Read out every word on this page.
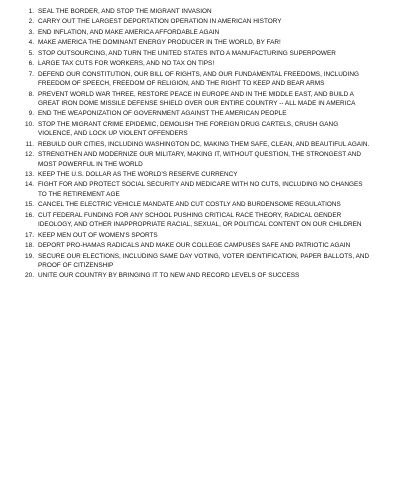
1. SEAL THE BORDER, AND STOP THE MIGRANT INVASION
2. CARRY OUT THE LARGEST DEPORTATION OPERATION IN AMERICAN HISTORY
3. END INFLATION, AND MAKE AMERICA AFFORDABLE AGAIN
4. MAKE AMERICA THE DOMINANT ENERGY PRODUCER IN THE WORLD, BY FAR!
5. STOP OUTSOURCING, AND TURN THE UNITED STATES INTO A MANUFACTURING SUPERPOWER
6. LARGE TAX CUTS FOR WORKERS, AND NO TAX ON TIPS!
7. DEFEND OUR CONSTITUTION, OUR BILL OF RIGHTS, AND OUR FUNDAMENTAL FREEDOMS, INCLUDING FREEDOM OF SPEECH, FREEDOM OF RELIGION, AND THE RIGHT TO KEEP AND BEAR ARMS
8. PREVENT WORLD WAR THREE, RESTORE PEACE IN EUROPE AND IN THE MIDDLE EAST, AND BUILD A GREAT IRON DOME MISSILE DEFENSE SHIELD OVER OUR ENTIRE COUNTRY -- ALL MADE IN AMERICA
9. END THE WEAPONIZATION OF GOVERNMENT AGAINST THE AMERICAN PEOPLE
10. STOP THE MIGRANT CRIME EPIDEMIC, DEMOLISH THE FOREIGN DRUG CARTELS, CRUSH GANG VIOLENCE, AND LOCK UP VIOLENT OFFENDERS
11. REBUILD OUR CITIES, INCLUDING WASHINGTON DC, MAKING THEM SAFE, CLEAN, AND BEAUTIFUL AGAIN.
12. STRENGTHEN AND MODERNIZE OUR MILITARY, MAKING IT, WITHOUT QUESTION, THE STRONGEST AND MOST POWERFUL IN THE WORLD
13. KEEP THE U.S. DOLLAR AS THE WORLD'S RESERVE CURRENCY
14. FIGHT FOR AND PROTECT SOCIAL SECURITY AND MEDICARE WITH NO CUTS, INCLUDING NO CHANGES TO THE RETIREMENT AGE
15. CANCEL THE ELECTRIC VEHICLE MANDATE AND CUT COSTLY AND BURDENSOME REGULATIONS
16. CUT FEDERAL FUNDING FOR ANY SCHOOL PUSHING CRITICAL RACE THEORY, RADICAL GENDER IDEOLOGY, AND OTHER INAPPROPRIATE RACIAL, SEXUAL, OR POLITICAL CONTENT ON OUR CHILDREN
17. KEEP MEN OUT OF WOMEN'S SPORTS
18. DEPORT PRO-HAMAS RADICALS AND MAKE OUR COLLEGE CAMPUSES SAFE AND PATRIOTIC AGAIN
19. SECURE OUR ELECTIONS, INCLUDING SAME DAY VOTING, VOTER IDENTIFICATION, PAPER BALLOTS, AND PROOF OF CITIZENSHIP
20. UNITE OUR COUNTRY BY BRINGING IT TO NEW AND RECORD LEVELS OF SUCCESS
